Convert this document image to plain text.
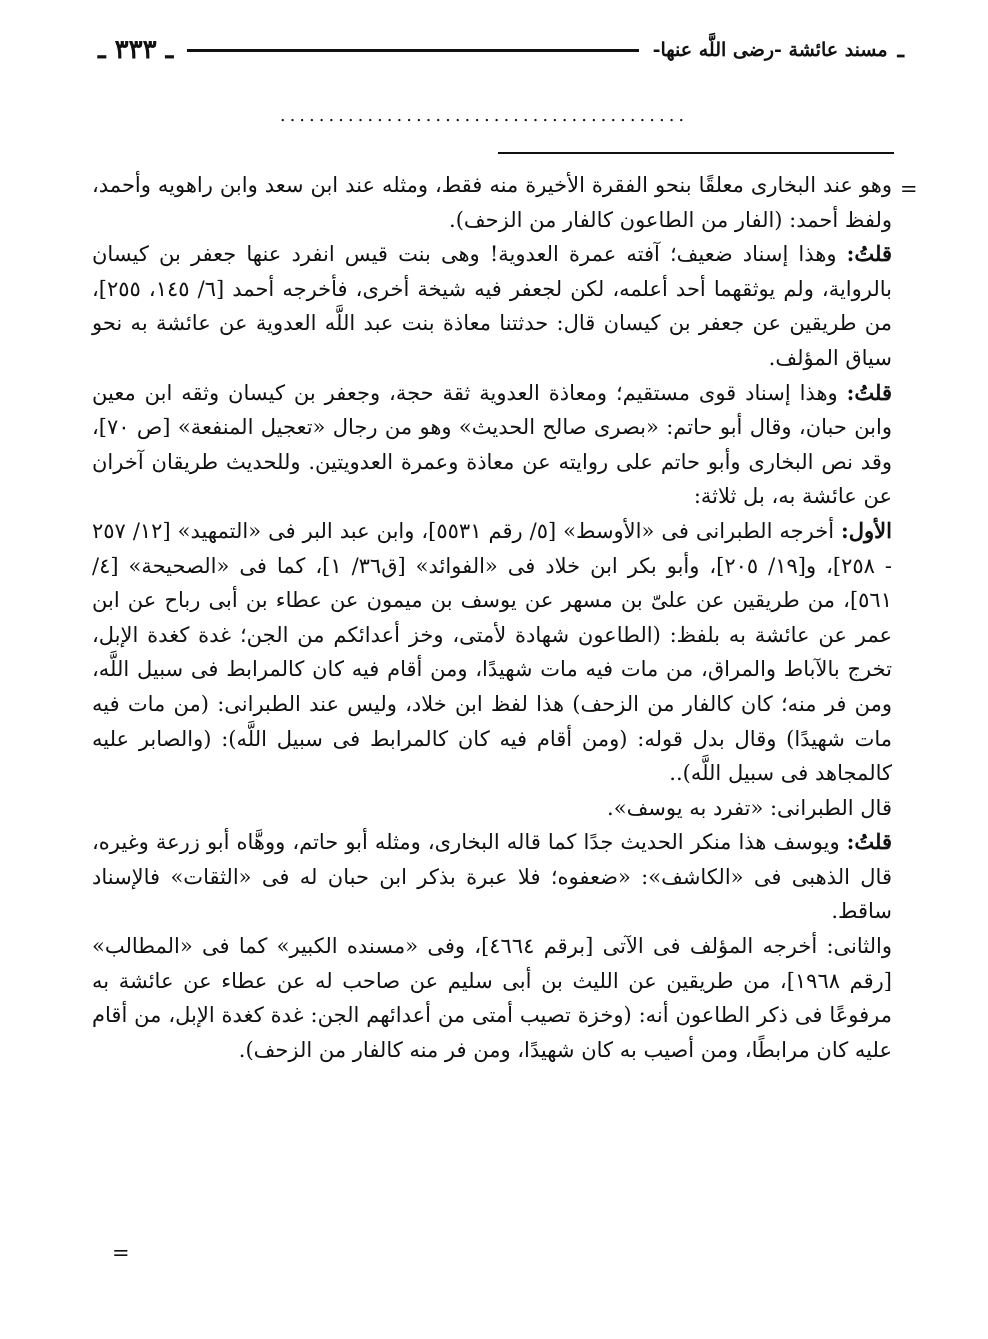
ـ
مسند عائشة -رضى اللَّه عنها-
ـ ٣٣٣ ـ
..........................................
=

وهو عند البخارى معلقًا بنحو الفقرة الأخيرة منه فقط، ومثله عند ابن سعد وابن راهويه وأحمد، ولفظ أحمد: (الفار من الطاعون كالفار من الزحف).

قلتُ: وهذا إسناد ضعيف؛ آفته عمرة العدوية! وهى بنت قيس انفرد عنها جعفر بن كيسان بالرواية، ولم يوثقهما أحد أعلمه، لكن لجعفر فيه شيخة أخرى، فأخرجه أحمد [٦/ ١٤٥، ٢٥٥]، من طريقين عن جعفر بن كيسان قال: حدثتنا معاذة بنت عبد اللَّه العدوية عن عائشة به نحو سياق المؤلف.

قلتُ: وهذا إسناد قوى مستقيم؛ ومعاذة العدوية ثقة حجة، وجعفر بن كيسان وثقه ابن معين وابن حبان، وقال أبو حاتم: «بصرى صالح الحديث» وهو من رجال «تعجيل المنفعة» [ص ٧٠]، وقد نص البخارى وأبو حاتم على روايته عن معاذة وعمرة العدويتين. وللحديث طريقان آخران عن عائشة به، بل ثلاثة:

الأول: أخرجه الطبرانى فى «الأوسط» [٥/ رقم ٥٥٣١]، وابن عبد البر فى «التمهيد» [١٢/ ٢٥٧ - ٢٥٨]، و[١٩/ ٢٠٥]، وأبو بكر ابن خلاد فى «الفوائد» [ق٣٦/ ١]، كما فى «الصحيحة» [٤/ ٥٦١]، من طريقين عن علىّ بن مسهر عن يوسف بن ميمون عن عطاء بن أبى رباح عن ابن عمر عن عائشة به بلفظ: (الطاعون شهادة لأمتى، وخز أعدائكم من الجن؛ غدة كغدة الإبل، تخرج بالآباط والمراق، من مات فيه مات شهيدًا، ومن أقام فيه كان كالمرابط فى سبيل اللَّه، ومن فر منه؛ كان كالفار من الزحف) هذا لفظ ابن خلاد، وليس عند الطبرانى: (من مات فيه مات شهيدًا) وقال بدل قوله: (ومن أقام فيه كان كالمرابط فى سبيل اللَّه): (والصابر عليه كالمجاهد فى سبيل اللَّه)..

قال الطبرانى: «تفرد به يوسف».

قلتُ: ويوسف هذا منكر الحديث جدًا كما قاله البخارى، ومثله أبو حاتم، ووهَّاه أبو زرعة وغيره، قال الذهبى فى «الكاشف»: «ضعفوه؛ فلا عبرة بذكر ابن حبان له فى «الثقات» فالإسناد ساقط.

والثانى: أخرجه المؤلف فى الآتى [برقم ٤٦٦٤]، وفى «مسنده الكبير» كما فى «المطالب» [رقم ١٩٦٨]، من طريقين عن الليث بن أبى سليم عن صاحب له عن عطاء عن عائشة به مرفوعًا فى ذكر الطاعون أنه: (وخزة تصيب أمتى من أعدائهم الجن: غدة كغدة الإبل، من أقام عليه كان مرابطًا، ومن أصيب به كان شهيدًا، ومن فر منه كالفار من الزحف).

=
